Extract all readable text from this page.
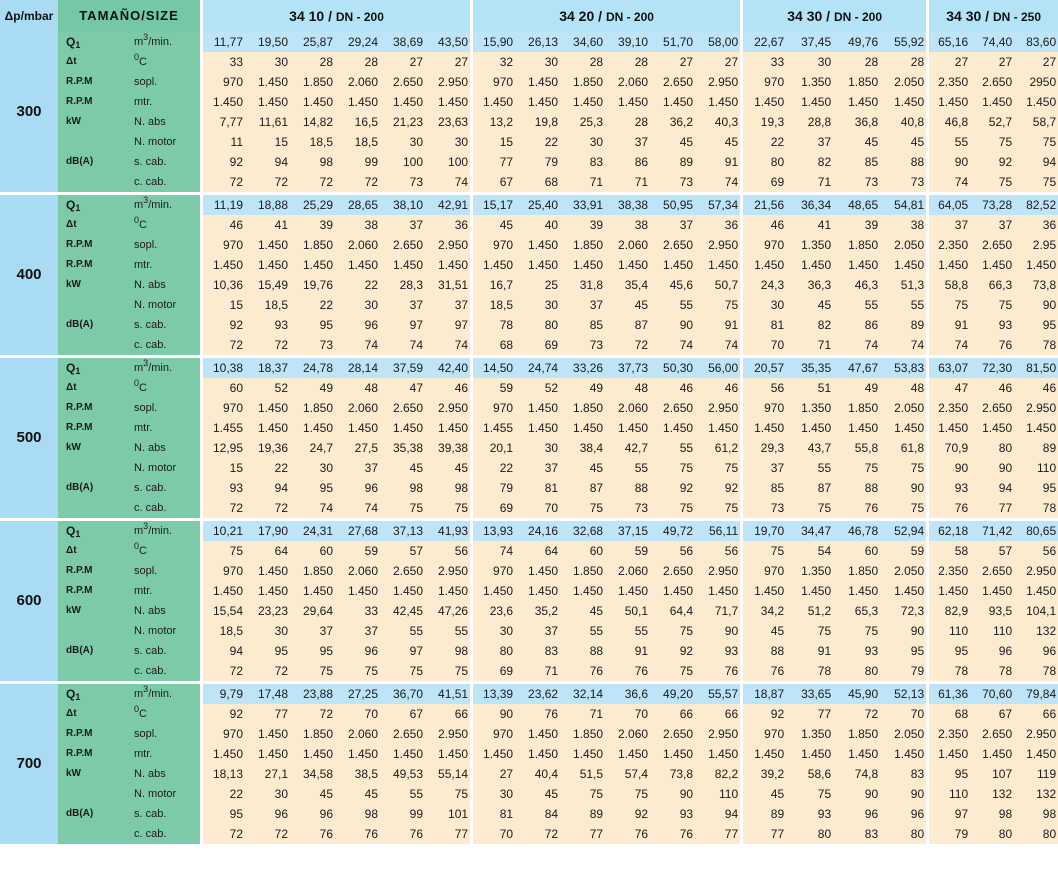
Δp/mbar	TAMAÑO/SIZE		34 10 / DN - 200						34 20 / DN - 200						34 30 / DN - 200				34 30 / DN - 250		
300	$Q_1$	$m^3/\min$.	11,77	19,50	25,87	29,24	38,69	43,50	15,90	26,13	34,60	39,10	51,70	58,00	22,67	37,45	49,76	55,92	65,16	74,40	83,60
	Δt	$^0$C	33	30	28	28	27	27	32	30	28	28	27	27	33	30	28	28	27	27	27
	R.P.M	sopl.	970	1.450	1.850	2.060	2.650	2.950	970	1.450	1.850	2.060	2.650	2.950	970	1.350	1.850	2.050	2.350	2.650	2950
	R.P.M	mtr.	1.450	1.450	1.450	1.450	1.450	1.450	1.450	1.450	1.450	1.450	1.450	1.450	1.450	1.450	1.450	1.450	1.450	1.450	1.450
	kW	N. abs	7,77	11,61	14,82	16,5	21,23	23,63	13,2	19,8	25,3	28	36,2	40,3	19,3	28,8	36,8	40,8	46,8	52,7	58,7
		N. motor	11	15	18,5	18,5	30	30	15	22	30	37	45	45	22	37	45	45	55	75	75
	dB(A)	s. cab.	92	94	98	99	100	100	77	79	83	86	89	91	80	82	85	88	90	92	94
		c. cab.	72	72	72	72	73	74	67	68	71	71	73	74	69	71	73	73	74	75	75
400	$Q_1$	$m^3/\min$.	11,19	18,88	25,29	28,65	38,10	42,91	15,17	25,40	33,91	38,38	50,95	57,34	21,56	36,34	48,65	54,81	64,05	73,28	82,52
	Δt	$^0$C	46	41	39	38	37	36	45	40	39	38	37	36	46	41	39	38	37	37	36
	R.P.M	sopl.	970	1.450	1.850	2.060	2.650	2.950	970	1.450	1.850	2.060	2.650	2.950	970	1.350	1.850	2.050	2.350	2.650	2.95
	R.P.M	mtr.	1.450	1.450	1.450	1.450	1.450	1.450	1.450	1.450	1.450	1.450	1.450	1.450	1.450	1.450	1.450	1.450	1.450	1.450	1.450
	kW	N. abs	10,36	15,49	19,76	22	28,3	31,51	16,7	25	31,8	35,4	45,6	50,7	24,3	36,3	46,3	51,3	58,8	66,3	73,8
		N. motor	15	18,5	22	30	37	37	18,5	30	37	45	55	75	30	45	55	55	75	75	90
	dB(A)	s. cab.	92	93	95	96	97	97	78	80	85	87	90	91	81	82	86	89	91	93	95
		c. cab.	72	72	73	74	74	74	68	69	73	72	74	74	70	71	74	74	74	76	78
500	$Q_1$	$m^3/\min$.	10,38	18,37	24,78	28,14	37,59	42,40	14,50	24,74	33,26	37,73	50,30	56,00	20,57	35,35	47,67	53,83	63,07	72,30	81,50
	Δt	$^0$C	60	52	49	48	47	46	59	52	49	48	46	46	56	51	49	48	47	46	46
	R.P.M	sopl.	970	1.450	1.850	2.060	2.650	2.950	970	1.450	1.850	2.060	2.650	2.950	970	1.350	1.850	2.050	2.350	2.650	2.950
	R.P.M	mtr.	1.455	1.450	1.450	1.450	1.450	1.450	1.455	1.450	1.450	1.450	1.450	1.450	1.450	1.450	1.450	1.450	1.450	1.450	1.450
	kW	N. abs	12,95	19,36	24,7	27,5	35,38	39,38	20,1	30	38,4	42,7	55	61,2	29,3	43,7	55,8	61,8	70,9	80	89
		N. motor	15	22	30	37	45	45	22	37	45	55	75	75	37	55	75	75	90	90	110
	dB(A)	s. cab.	93	94	95	96	98	98	79	81	87	88	92	92	85	87	88	90	93	94	95
		c. cab.	72	72	74	74	75	75	69	70	75	73	75	75	73	75	76	75	76	77	78
600	$Q_1$	$m^3/\min$.	10,21	17,90	24,31	27,68	37,13	41,93	13,93	24,16	32,68	37,15	49,72	56,11	19,70	34,47	46,78	52,94	62,18	71,42	80,65
	Δt	$^0$C	75	64	60	59	57	56	74	64	60	59	56	56	75	54	60	59	58	57	56
	R.P.M	sopl.	970	1.450	1.850	2.060	2.650	2.950	970	1.450	1.850	2.060	2.650	2.950	970	1.350	1.850	2.050	2.350	2.650	2.950
	R.P.M	mtr.	1.450	1.450	1.450	1.450	1.450	1.450	1.450	1.450	1.450	1.450	1.450	1.450	1.450	1.450	1.450	1.450	1.450	1.450	1.450
	kW	N. abs	15,54	23,23	29,64	33	42,45	47,26	23,6	35,2	45	50,1	64,4	71,7	34,2	51,2	65,3	72,3	82,9	93,5	104,1
		N. motor	18,5	30	37	37	55	55	30	37	55	55	75	90	45	75	75	90	110	110	132
	dB(A)	s. cab.	94	95	95	96	97	98	80	83	88	91	92	93	88	91	93	95	95	96	96
		c. cab.	72	72	75	75	75	75	69	71	76	76	75	76	76	78	80	79	78	78	78
700	$Q_1$	$m^3/\min$.	9,79	17,48	23,88	27,25	36,70	41,51	13,39	23,62	32,14	36,6	49,20	55,57	18,87	33,65	45,90	52,13	61,36	70,60	79,84
	Δt	$^0$C	92	77	72	70	67	66	90	76	71	70	66	66	92	77	72	70	68	67	66
	R.P.M	sopl.	970	1.450	1.850	2.060	2.650	2.950	970	1.450	1.850	2.060	2.650	2.950	970	1.350	1.850	2.050	2.350	2.650	2.950
	R.P.M	mtr.	1.450	1.450	1.450	1.450	1.450	1.450	1.450	1.450	1.450	1.450	1.450	1.450	1.450	1.450	1.450	1.450	1.450	1.450	1.450
	kW	N. abs	18,13	27,1	34,58	38,5	49,53	55,14	27	40,4	51,5	57,4	73,8	82,2	39,2	58,6	74,8	83	95	107	119
		N. motor	22	30	45	45	55	75	30	45	75	75	90	110	45	75	90	90	110	132	132
	dB(A)	s. cab.	95	96	96	98	99	101	81	84	89	92	93	94	89	93	96	96	97	98	98
		c. cab.	72	72	76	76	76	77	70	72	77	76	76	77	77	80	83	80	79	80	80
